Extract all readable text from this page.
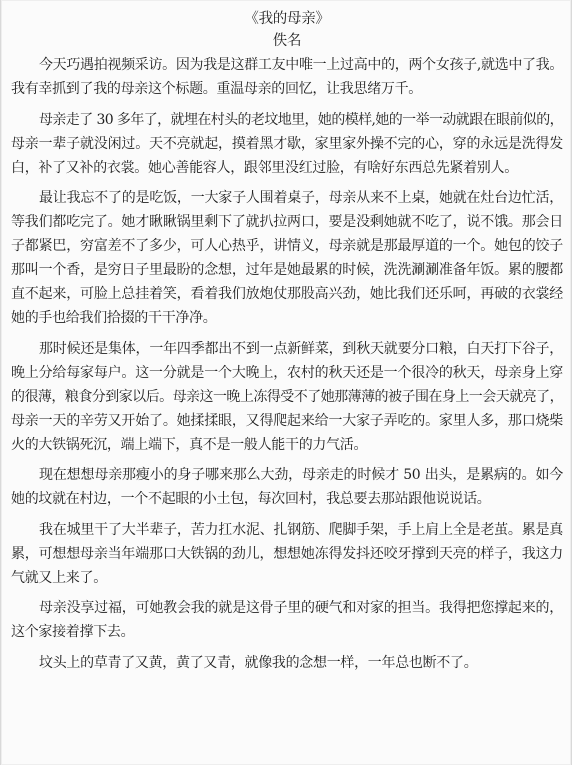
《我的母亲》

佚名

今天巧遇拍视频采访。因为我是这群工友中唯一上过高中的，两个女孩子,就选中了我。
我有幸抓到了我的母亲这个标题。重温母亲的回忆，让我思绪万千。
母亲走了 30 多年了，就埋在村头的老坟地里，她的模样,她的一举一动就跟在眼前似的，
母亲一辈子就没闲过。天不亮就起，摸着黑才歇，家里家外操不完的心，穿的永远是洗得发
白，补了又补的衣裳。她心善能容人，跟邻里没红过脸，有啥好东西总先紧着别人。
最让我忘不了的是吃饭，一大家子人围着桌子，母亲从来不上桌，她就在灶台边忙活，
等我们都吃完了。她才瞅瞅锅里剩下了就扒拉两口，要是没剩她就不吃了，说不饿。那会日
子都紧巴，穷富差不了多少，可人心热乎，讲情义，母亲就是那最厚道的一个。她包的饺子
那叫一个香，是穷日子里最盼的念想，过年是她最累的时候，洗洗涮涮准备年饭。累的腰都
直不起来，可脸上总挂着笑，看着我们放炮仗那股高兴劲，她比我们还乐呵，再破的衣裳经
她的手也给我们拾掇的干干净净。
那时候还是集体，一年四季都出不到一点新鲜菜，到秋天就要分口粮，白天打下谷子，
晚上分给每家每户。这一分就是一个大晚上，农村的秋天还是一个很冷的秋天，母亲身上穿
的很薄，粮食分到家以后。母亲这一晚上冻得受不了她那薄薄的被子围在身上一会天就亮了，
母亲一天的辛劳又开始了。她揉揉眼，又得爬起来给一大家子弄吃的。家里人多，那口烧柴
火的大铁锅死沉，端上端下，真不是一般人能干的力气活。
现在想想母亲那瘦小的身子哪来那么大劲，母亲走的时候才 50 出头，是累病的。如今
她的坟就在村边，一个不起眼的小土包，每次回村，我总要去那站跟他说说话。
我在城里干了大半辈子，苦力扛水泥、扎钢筋、爬脚手架，手上肩上全是老茧。累是真
累，可想想母亲当年端那口大铁锅的劲儿，想想她冻得发抖还咬牙撑到天亮的样子，我这力
气就又上来了。
母亲没享过福，可她教会我的就是这骨子里的硬气和对家的担当。我得把您撑起来的，
这个家接着撑下去。
坟头上的草青了又黄，黄了又青，就像我的念想一样，一年总也断不了。
